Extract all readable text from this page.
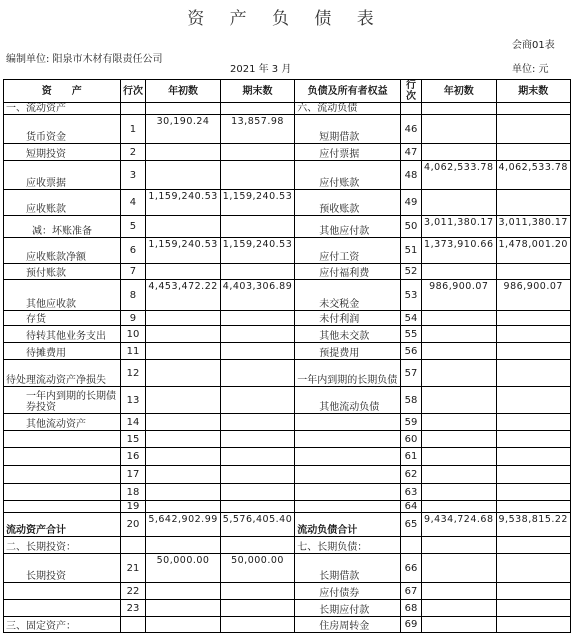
资 产 负 债 表
会商01表
编制单位: 阳泉市木材有限责任公司
2021 年 3 月	单位: 元
资　　产	行次	年初数	期末数	负债及所有者权益	行次	年初数	期末数
一、流动资产				六、流动负债			
货币资金	1	30,190.24	13,857.98	短期借款	46		
短期投资	2			应付票据	47		
应收票据	3			应付账款	48	4,062,533.78	4,062,533.78
应收账款	4	1,159,240.53	1,159,240.53	预收账款	49		
减：坏账准备	5			其他应付款	50	3,011,380.17	3,011,380.17
应收账款净额	6	1,159,240.53	1,159,240.53	应付工资	51	1,373,910.66	1,478,001.20
预付账款	7			应付福利费	52		
其他应收款	8	4,453,472.22	4,403,306.89	未交税金	53	986,900.07	986,900.07
存货	9			未付利润	54		
待转其他业务支出	10			其他未交款	55		
待摊费用	11			预提费用	56		
待处理流动资产净损失	12			一年内到期的长期负债	57		
一年内到期的长期债券投资	13			其他流动负债	58		
其他流动资产	14				59		
	15				60		
	16				61		
	17				62		
	18				63		
	19				64		
流动资产合计	20	5,642,902.99	5,576,405.40	流动负债合计	65	9,434,724.68	9,538,815.22
二、长期投资：				七、长期负债：			
长期投资	21	50,000.00	50,000.00	长期借款	66		
	22			应付债券	67		
	23			长期应付款	68		
三、固定资产：				住房周转金	69		
